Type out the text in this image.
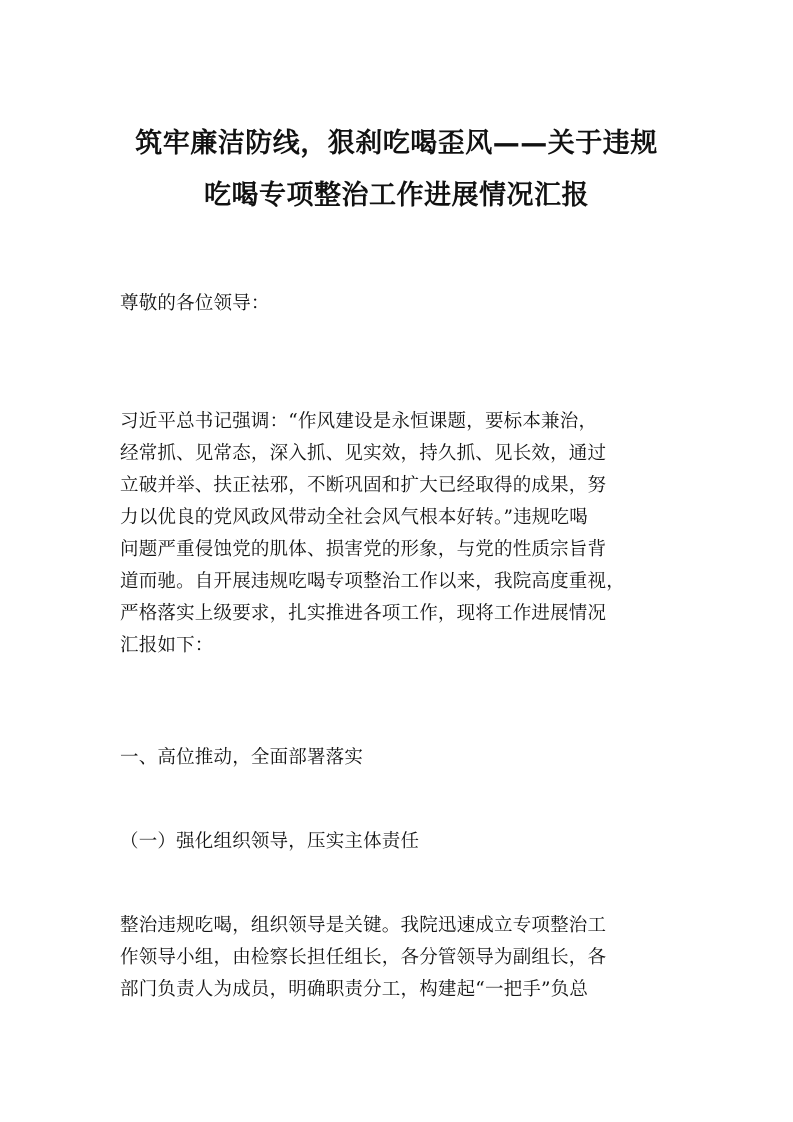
筑牢廉洁防线，狠刹吃喝歪风——关于违规
吃喝专项整治工作进展情况汇报

尊敬的各位领导：

习近平总书记强调：“作风建设是永恒课题，要标本兼治，
经常抓、见常态，深入抓、见实效，持久抓、见长效，通过
立破并举、扶正祛邪，不断巩固和扩大已经取得的成果，努
力以优良的党风政风带动全社会风气根本好转。”违规吃喝
问题严重侵蚀党的肌体、损害党的形象，与党的性质宗旨背
道而驰。自开展违规吃喝专项整治工作以来，我院高度重视，
严格落实上级要求，扎实推进各项工作，现将工作进展情况
汇报如下：

一、高位推动，全面部署落实

（一）强化组织领导，压实主体责任

整治违规吃喝，组织领导是关键。我院迅速成立专项整治工
作领导小组，由检察长担任组长，各分管领导为副组长，各
部门负责人为成员，明确职责分工，构建起“一把手”负总
